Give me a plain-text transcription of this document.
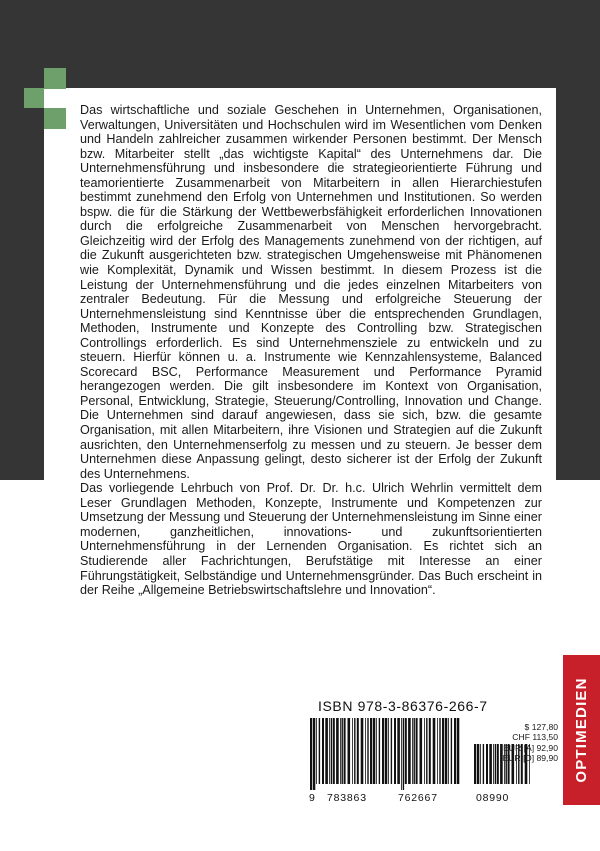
Das wirtschaftliche und soziale Geschehen in Unternehmen, Organisationen, Verwaltungen, Universitäten und Hochschulen wird im Wesentlichen vom Denken und Handeln zahlreicher zusammen wirkender Personen bestimmt. Der Mensch bzw. Mitarbeiter stellt „das wichtigste Kapital“ des Unternehmens dar. Die Unternehmensführung und insbesondere die strategieorientierte Führung und teamorientierte Zusammenarbeit von Mitarbeitern in allen Hierarchiestufen bestimmt zunehmend den Erfolg von Unternehmen und Institutionen. So werden bspw. die für die Stärkung der Wettbewerbsfähigkeit erforderlichen Innovationen durch die erfolgreiche Zusammenarbeit von Menschen hervorgebracht. Gleichzeitig wird der Erfolg des Managements zunehmend von der richtigen, auf die Zukunft ausgerichteten bzw. strategischen Umgehensweise mit Phänomenen wie Komplexität, Dynamik und Wissen bestimmt. In diesem Prozess ist die Leistung der Unternehmensführung und die jedes einzelnen Mitarbeiters von zentraler Bedeutung. Für die Messung und erfolgreiche Steuerung der Unternehmensleistung sind Kenntnisse über die entsprechenden Grundlagen, Methoden, Instrumente und Konzepte des Controlling bzw. Strategischen Controllings erforderlich. Es sind Unternehmensziele zu entwickeln und zu steuern. Hierfür können u. a. Instrumente wie Kennzahlensysteme, Balanced Scorecard BSC, Performance Measurement und Performance Pyramid herangezogen werden. Die gilt insbesondere im Kontext von Organisation, Personal, Entwicklung, Strategie, Steuerung/Controlling, Innovation und Change. Die Unternehmen sind darauf angewiesen, dass sie sich, bzw. die gesamte Organisation, mit allen Mitarbeitern, ihre Visionen und Strategien auf die Zukunft ausrichten, den Unternehmenserfolg zu messen und zu steuern. Je besser dem Unternehmen diese Anpassung gelingt, desto sicherer ist der Erfolg der Zukunft des Unternehmens.

Das vorliegende Lehrbuch von Prof. Dr. Dr. h.c. Ulrich Wehrlin vermittelt dem Leser Grundlagen Methoden, Konzepte, Instrumente und Kompetenzen zur Umsetzung der Messung und Steuerung der Unternehmensleistung im Sinne einer modernen, ganzheitlichen, innovations- und zukunftsorientierten Unternehmensführung in der Lernenden Organisation. Es richtet sich an Studierende aller Fachrichtungen, Berufstätige mit Interesse an einer Führungstätigkeit, Selbständige und Unternehmensgründer. Das Buch erscheint in der Reihe „Allgemeine Betriebswirtschaftslehre und Innovation“.

ISBN 978-3-86376-266-7
9 783863	762667	08990
$ 127,80
CHF 113,50
EUR [A] 92,90
EUR [D] 89,90	OPTIMEDIEN
